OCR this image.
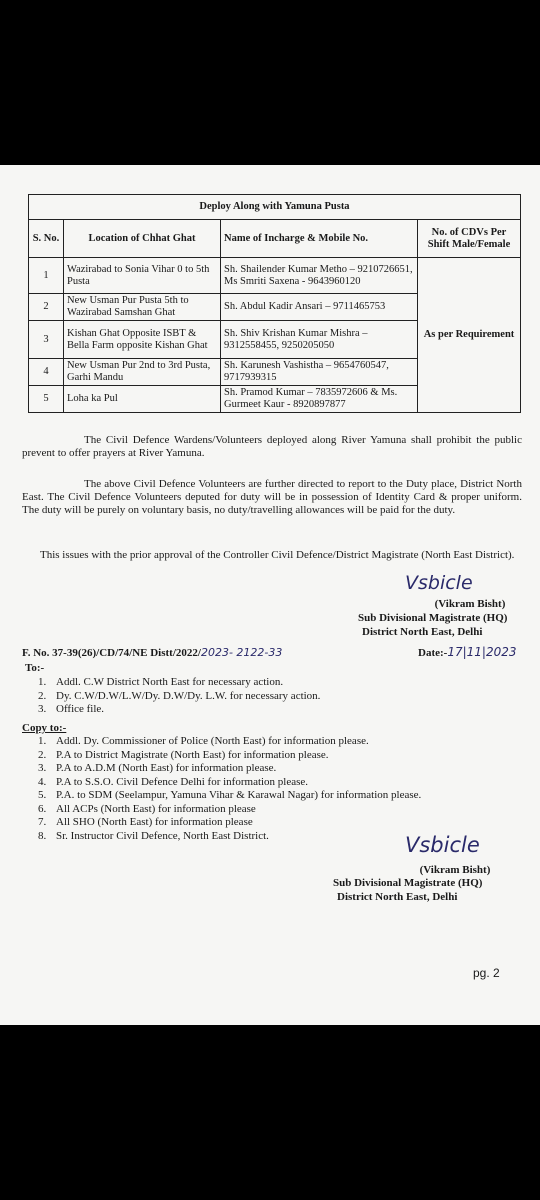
Deploy Along with Yamuna Pusta			
S. No.	Location of Chhat Ghat	Name of Incharge & Mobile No.	No. of CDVs Per Shift Male/Female
1	Wazirabad to Sonia Vihar 0 to 5th Pusta	Sh. Shailender Kumar Metho – 9210726651, Ms Smriti Saxena - 9643960120	As per Requirement
2	New Usman Pur Pusta 5th to Wazirabad Samshan Ghat	Sh. Abdul Kadir Ansari – 9711465753	
3	Kishan Ghat Opposite ISBT & Bella Farm opposite Kishan Ghat	Sh. Shiv Krishan Kumar Mishra – 9312558455, 9250205050	
4	New Usman Pur 2nd to 3rd Pusta, Garhi Mandu	Sh. Karunesh Vashistha – 9654760547, 9717939315	
5	Loha ka Pul	Sh. Pramod Kumar – 7835972606 & Ms. Gurmeet Kaur - 8920897877	

The Civil Defence Wardens/Volunteers deployed along River Yamuna shall prohibit the public prevent to offer prayers at River Yamuna.

The above Civil Defence Volunteers are further directed to report to the Duty place, District North East. The Civil Defence Volunteers deputed for duty will be in possession of Identity Card & proper uniform. The duty will be purely on voluntary basis, no duty/travelling allowances will be paid for the duty.

This issues with the prior approval of the Controller Civil Defence/District Magistrate (North East District).

Vsbicle
(Vikram Bisht)
Sub Divisional Magistrate (HQ)
District North East, Delhi
Date:-17|11|2023
F. No. 37-39(26)/CD/74/NE Distt/2022/2023- 2122-33
To:-
1. Addl. C.W District North East for necessary action.
2. Dy. C.W/D.W/L.W/Dy. D.W/Dy. L.W. for necessary action.
3. Office file.
Copy to:-
1. Addl. Dy. Commissioner of Police (North East) for information please.
2. P.A to District Magistrate (North East) for information please.
3. P.A to A.D.M (North East) for information please.
4. P.A to S.S.O. Civil Defence Delhi for information please.
5. P.A. to SDM (Seelampur, Yamuna Vihar & Karawal Nagar) for information please.
6. All ACPs (North East) for information please
7. All SHO (North East) for information please
8. Sr. Instructor Civil Defence, North East District.	Vsbicle
(Vikram Bisht)
Sub Divisional Magistrate (HQ)
District North East, Delhi
pg. 2
